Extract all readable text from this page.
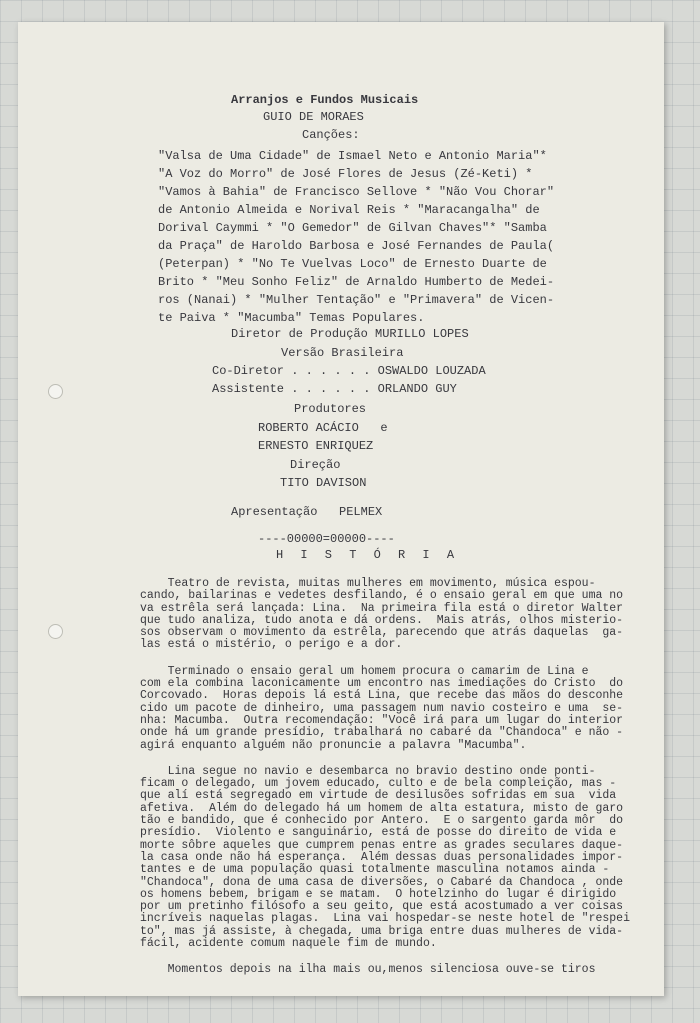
Arranjos e Fundos Musicais
GUIO DE MORAES
Canções:
"Valsa de Uma Cidade" de Ismael Neto e Antonio Maria"*
"A Voz do Morro" de José Flores de Jesus (Zé-Keti) *
"Vamos à Bahia" de Francisco Sellove * "Não Vou Chorar"
de Antonio Almeida e Norival Reis * "Maracangalha" de
Dorival Caymmi * "O Gemedor" de Gilvan Chaves"* "Samba
da Praça" de Haroldo Barbosa e José Fernandes de Paula(
(Peterpan) * "No Te Vuelvas Loco" de Ernesto Duarte de
Brito * "Meu Sonho Feliz" de Arnaldo Humberto de Medei-
ros (Nanai) * "Mulher Tentação" e "Primavera" de Vicen-
te Paiva * "Macumba" Temas Populares.
Diretor de Produção MURILLO LOPES
Versão Brasileira
Co-Diretor . . . . . . OSWALDO LOUZADA
Assistente . . . . . . ORLANDO GUY
Produtores
ROBERTO ACÁCIO   e
ERNESTO ENRIQUEZ
Direção
TITO DAVISON
Apresentação   PELMEX
----00000=00000----
H I S T Ó R I A
Teatro de revista, muitas mulheres em movimento, música espou-
cando, bailarinas e vedetes desfilando, é o ensaio geral em que uma no
va estrêla será lançada: Lina.  Na primeira fila está o diretor Walter
que tudo analiza, tudo anota e dá ordens.  Mais atrás, olhos misterio-
sos observam o movimento da estrêla, parecendo que atrás daquelas  ga-
las está o mistério, o perigo e a dor.
Terminado o ensaio geral um homem procura o camarim de Lina e
com ela combina laconicamente um encontro nas imediações do Cristo  do
Corcovado.  Horas depois lá está Lina, que recebe das mãos do desconhe
cido um pacote de dinheiro, uma passagem num navio costeiro e uma  se-
nha: Macumba.  Outra recomendação: "Você irá para um lugar do interior
onde há um grande presídio, trabalhará no cabaré da "Chandoca" e não -
agirá enquanto alguém não pronuncie a palavra "Macumba".
Lina segue no navio e desembarca no bravio destino onde ponti-
ficam o delegado, um jovem educado, culto e de bela compleição, mas -
que alí está segregado em virtude de desilusões sofridas em sua  vida
afetiva.  Além do delegado há um homem de alta estatura, misto de garo
tão e bandido, que é conhecido por Antero.  E o sargento garda môr  do
presídio.  Violento e sanguinário, está de posse do direito de vida e
morte sôbre aqueles que cumprem penas entre as grades seculares daque-
la casa onde não há esperança.  Além dessas duas personalidades impor-
tantes e de uma população quasi totalmente masculina notamos ainda -
"Chandoca", dona de uma casa de diversões, o Cabaré da Chandoca , onde
os homens bebem, brigam e se matam.  O hotelzinho do lugar é dirigido
por um pretinho filósofo a seu geito, que está acostumado a ver coisas
incríveis naquelas plagas.  Lina vai hospedar-se neste hotel de "respei
to", mas já assiste, à chegada, uma briga entre duas mulheres de vida-
fácil, acidente comum naquele fim de mundo.
Momentos depois na ilha mais ou,menos silenciosa ouve-se tiros
